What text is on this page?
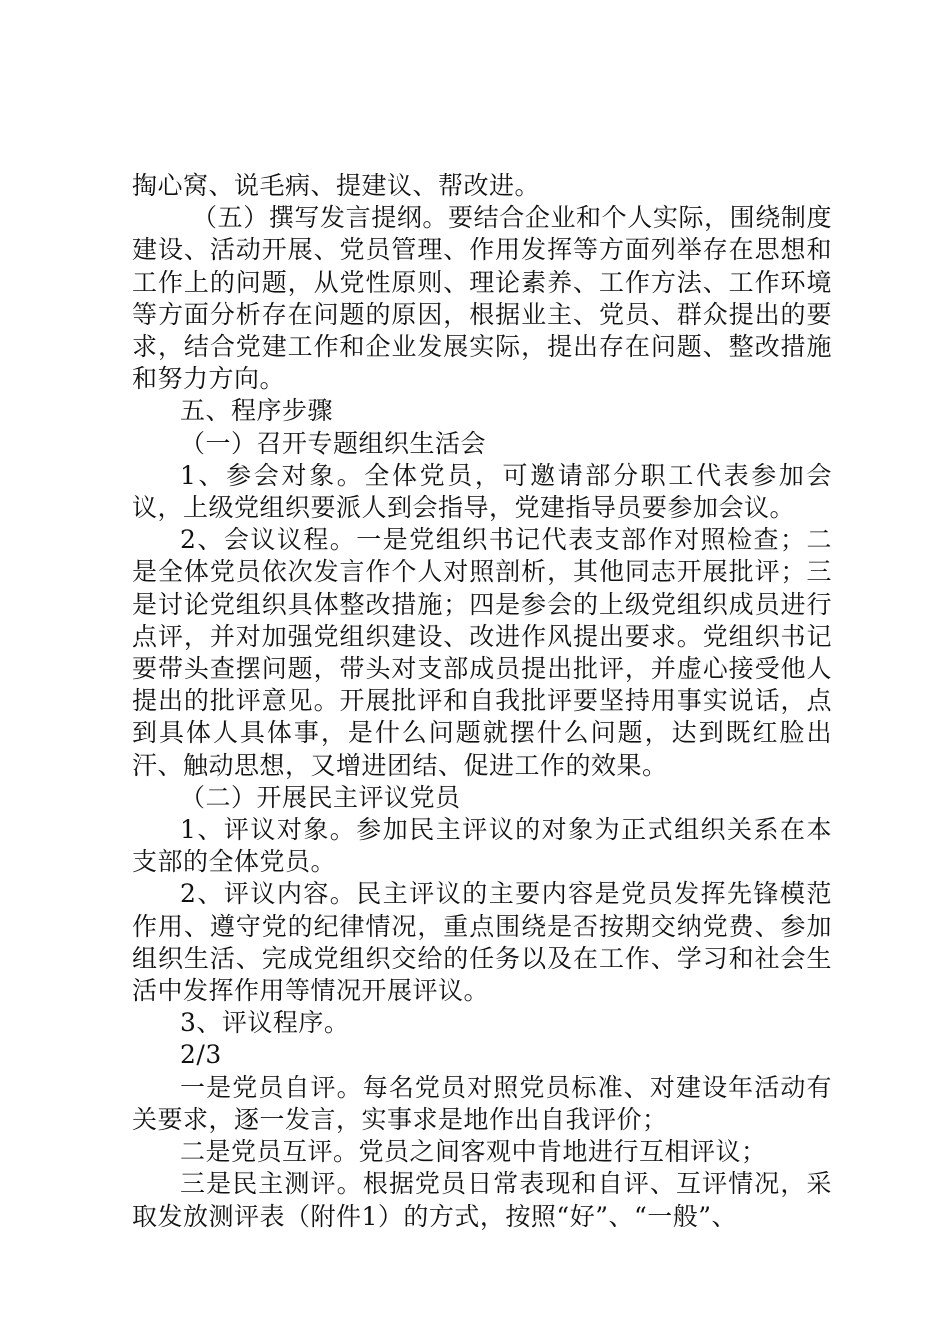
掏心窝、说毛病、提建议、帮改进。

（五）撰写发言提纲。要结合企业和个人实际，围绕制度建设、活动开展、党员管理、作用发挥等方面列举存在思想和工作上的问题，从党性原则、理论素养、工作方法、工作环境等方面分析存在问题的原因，根据业主、党员、群众提出的要求，结合党建工作和企业发展实际，提出存在问题、整改措施和努力方向。

五、程序步骤

（一）召开专题组织生活会

1、参会对象。全体党员，可邀请部分职工代表参加会议，上级党组织要派人到会指导，党建指导员要参加会议。

2、会议议程。一是党组织书记代表支部作对照检查；二是全体党员依次发言作个人对照剖析，其他同志开展批评；三是讨论党组织具体整改措施；四是参会的上级党组织成员进行点评，并对加强党组织建设、改进作风提出要求。党组织书记要带头查摆问题，带头对支部成员提出批评，并虚心接受他人提出的批评意见。开展批评和自我批评要坚持用事实说话，点到具体人具体事，是什么问题就摆什么问题，达到既红脸出汗、触动思想，又增进团结、促进工作的效果。

（二）开展民主评议党员

1、评议对象。参加民主评议的对象为正式组织关系在本支部的全体党员。

2、评议内容。民主评议的主要内容是党员发挥先锋模范作用、遵守党的纪律情况，重点围绕是否按期交纳党费、参加组织生活、完成党组织交给的任务以及在工作、学习和社会生活中发挥作用等情况开展评议。

3、评议程序。

2/3

一是党员自评。每名党员对照党员标准、对建设年活动有关要求，逐一发言，实事求是地作出自我评价；

二是党员互评。党员之间客观中肯地进行互相评议；

三是民主测评。根据党员日常表现和自评、互评情况，采取发放测评表（附件1）的方式，按照“好”、“一般”、
